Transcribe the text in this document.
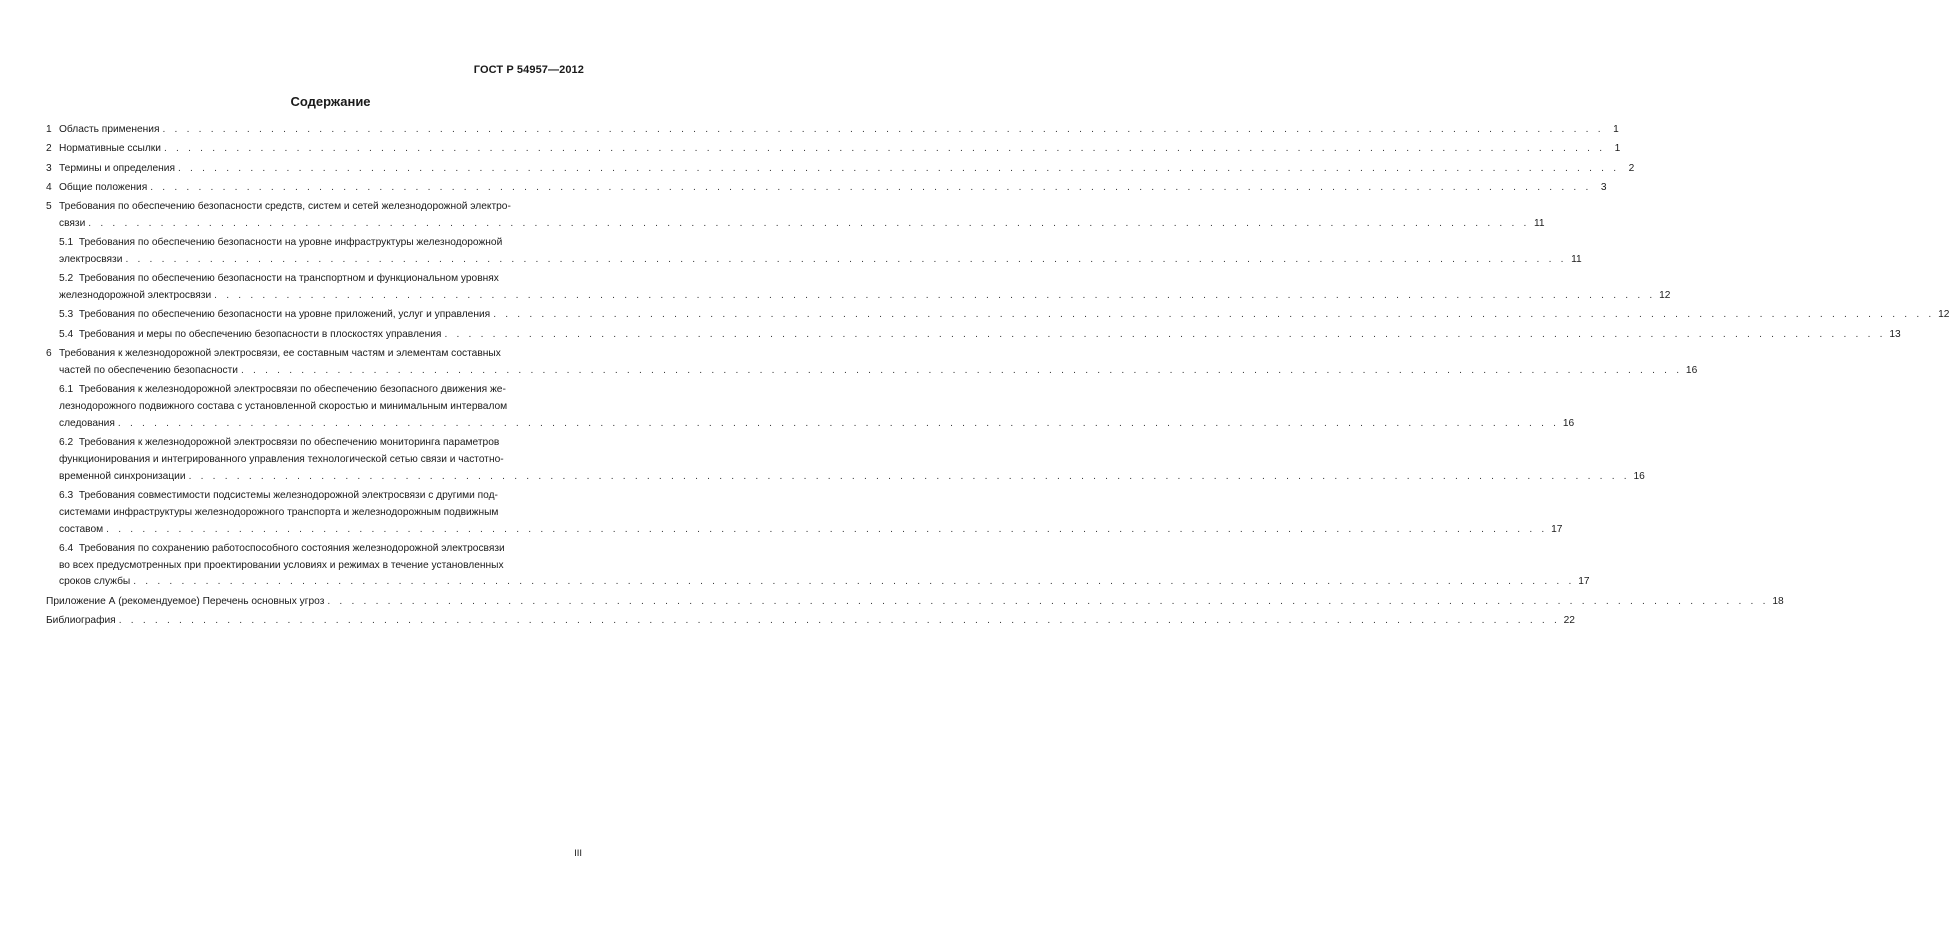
ГОСТ Р 54957—2012
Содержание
1 Область применения . . . . . . . . . . . . . . . . . . . . . . . . . . . . . . . . . . . . . . . . . . . . . . . . . . . . . . . . . . . . . . . . . . . . . . . . . . . . . . . . . . . . . . . . . . . . . . . . . . . . . . . . . . . . . . . . . . . . . . . . 1
2 Нормативные ссылки . . . . . . . . . . . . . . . . . . . . . . . . . . . . . . . . . . . . . . . . . . . . . . . . . . . . . . . . . . . . . . . . . . . . . . . . . . . . . . . . . . . . . . . . . . . . . . . . . . . . . . . . . . . . . . . . . . . . . . . . 1
3 Термины и определения . . . . . . . . . . . . . . . . . . . . . . . . . . . . . . . . . . . . . . . . . . . . . . . . . . . . . . . . . . . . . . . . . . . . . . . . . . . . . . . . . . . . . . . . . . . . . . . . . . . . . . . . . . . . . . . . . . . . . . . . 2
4 Общие положения . . . . . . . . . . . . . . . . . . . . . . . . . . . . . . . . . . . . . . . . . . . . . . . . . . . . . . . . . . . . . . . . . . . . . . . . . . . . . . . . . . . . . . . . . . . . . . . . . . . . . . . . . . . . . . . . . . . . . . . . 3
5 Требования по обеспечению безопасности средств, систем и сетей железнодорожной электро-
связи . . . . . . . . . . . . . . . . . . . . . . . . . . . . . . . . . . . . . . . . . . . . . . . . . . . . . . . . . . . . . . . . . . . . . . . . . . . . . . . . . . . . . . . . . . . . . . . . . . . . . . . . . . . . . . . . . . . . . . . . 11
5.1 Требования по обеспечению безопасности на уровне инфраструктуры железнодорожной
электросвязи . . . . . . . . . . . . . . . . . . . . . . . . . . . . . . . . . . . . . . . . . . . . . . . . . . . . . . . . . . . . . . . . . . . . . . . . . . . . . . . . . . . . . . . . . . . . . . . . . . . . . . . . . . . . . . . . . . . . . . . . 11
5.2 Требования по обеспечению безопасности на транспортном и функциональном уровнях
железнодорожной электросвязи . . . . . . . . . . . . . . . . . . . . . . . . . . . . . . . . . . . . . . . . . . . . . . . . . . . . . . . . . . . . . . . . . . . . . . . . . . . . . . . . . . . . . . . . . . . . . . . . . . . . . . . . . . . . . . . . . . . . . . . . 12
5.3 Требования по обеспечению безопасности на уровне приложений, услуг и управления . . . . . . . . . . . . . . . . . . . . . . . . . . . . . . . . . . . . . . . . . . . . . . . . . . . . . . . . . . . . . . . . . . . . . . . . . . . . . . . . . . . . . . . . . . . . . . . . . . . . . . . . . . . . . . . . . . . . . . . . 12
5.4 Требования и меры по обеспечению безопасности в плоскостях управления . . . . . . . . . . . . . . . . . . . . . . . . . . . . . . . . . . . . . . . . . . . . . . . . . . . . . . . . . . . . . . . . . . . . . . . . . . . . . . . . . . . . . . . . . . . . . . . . . . . . . . . . . . . . . . . . . . . . . . . . 13
6 Требования к железнодорожной электросвязи, ее составным частям и элементам составных
частей по обеспечению безопасности . . . . . . . . . . . . . . . . . . . . . . . . . . . . . . . . . . . . . . . . . . . . . . . . . . . . . . . . . . . . . . . . . . . . . . . . . . . . . . . . . . . . . . . . . . . . . . . . . . . . . . . . . . . . . . . . . . . . . . . . 16
6.1 Требования к железнодорожной электросвязи по обеспечению безопасного движения же-
лезнодорожного подвижного состава с установленной скоростью и минимальным интервалом
следования . . . . . . . . . . . . . . . . . . . . . . . . . . . . . . . . . . . . . . . . . . . . . . . . . . . . . . . . . . . . . . . . . . . . . . . . . . . . . . . . . . . . . . . . . . . . . . . . . . . . . . . . . . . . . . . . . . . . . . . . 16
6.2 Требования к железнодорожной электросвязи по обеспечению мониторинга параметров
функционирования и интегрированного управления технологической сетью связи и частотно-
временной синхронизации . . . . . . . . . . . . . . . . . . . . . . . . . . . . . . . . . . . . . . . . . . . . . . . . . . . . . . . . . . . . . . . . . . . . . . . . . . . . . . . . . . . . . . . . . . . . . . . . . . . . . . . . . . . . . . . . . . . . . . . . 16
6.3 Требования совместимости подсистемы железнодорожной электросвязи с другими под-
системами инфраструктуры железнодорожного транспорта и железнодорожным подвижным
составом . . . . . . . . . . . . . . . . . . . . . . . . . . . . . . . . . . . . . . . . . . . . . . . . . . . . . . . . . . . . . . . . . . . . . . . . . . . . . . . . . . . . . . . . . . . . . . . . . . . . . . . . . . . . . . . . . . . . . . . . 17
6.4 Требования по сохранению работоспособного состояния железнодорожной электросвязи
во всех предусмотренных при проектировании условиях и режимах в течение установленных
сроков службы . . . . . . . . . . . . . . . . . . . . . . . . . . . . . . . . . . . . . . . . . . . . . . . . . . . . . . . . . . . . . . . . . . . . . . . . . . . . . . . . . . . . . . . . . . . . . . . . . . . . . . . . . . . . . . . . . . . . . . . . 17
Приложение А (рекомендуемое) Перечень основных угроз . . . . . . . . . . . . . . . . . . . . . . . . . . . . . . . . . . . . . . . . . . . . . . . . . . . . . . . . . . . . . . . . . . . . . . . . . . . . . . . . . . . . . . . . . . . . . . . . . . . . . . . . . . . . . . . . . . . . . . . . 18
Библиография . . . . . . . . . . . . . . . . . . . . . . . . . . . . . . . . . . . . . . . . . . . . . . . . . . . . . . . . . . . . . . . . . . . . . . . . . . . . . . . . . . . . . . . . . . . . . . . . . . . . . . . . . . . . . . . . . . . . . . . . 22
III
